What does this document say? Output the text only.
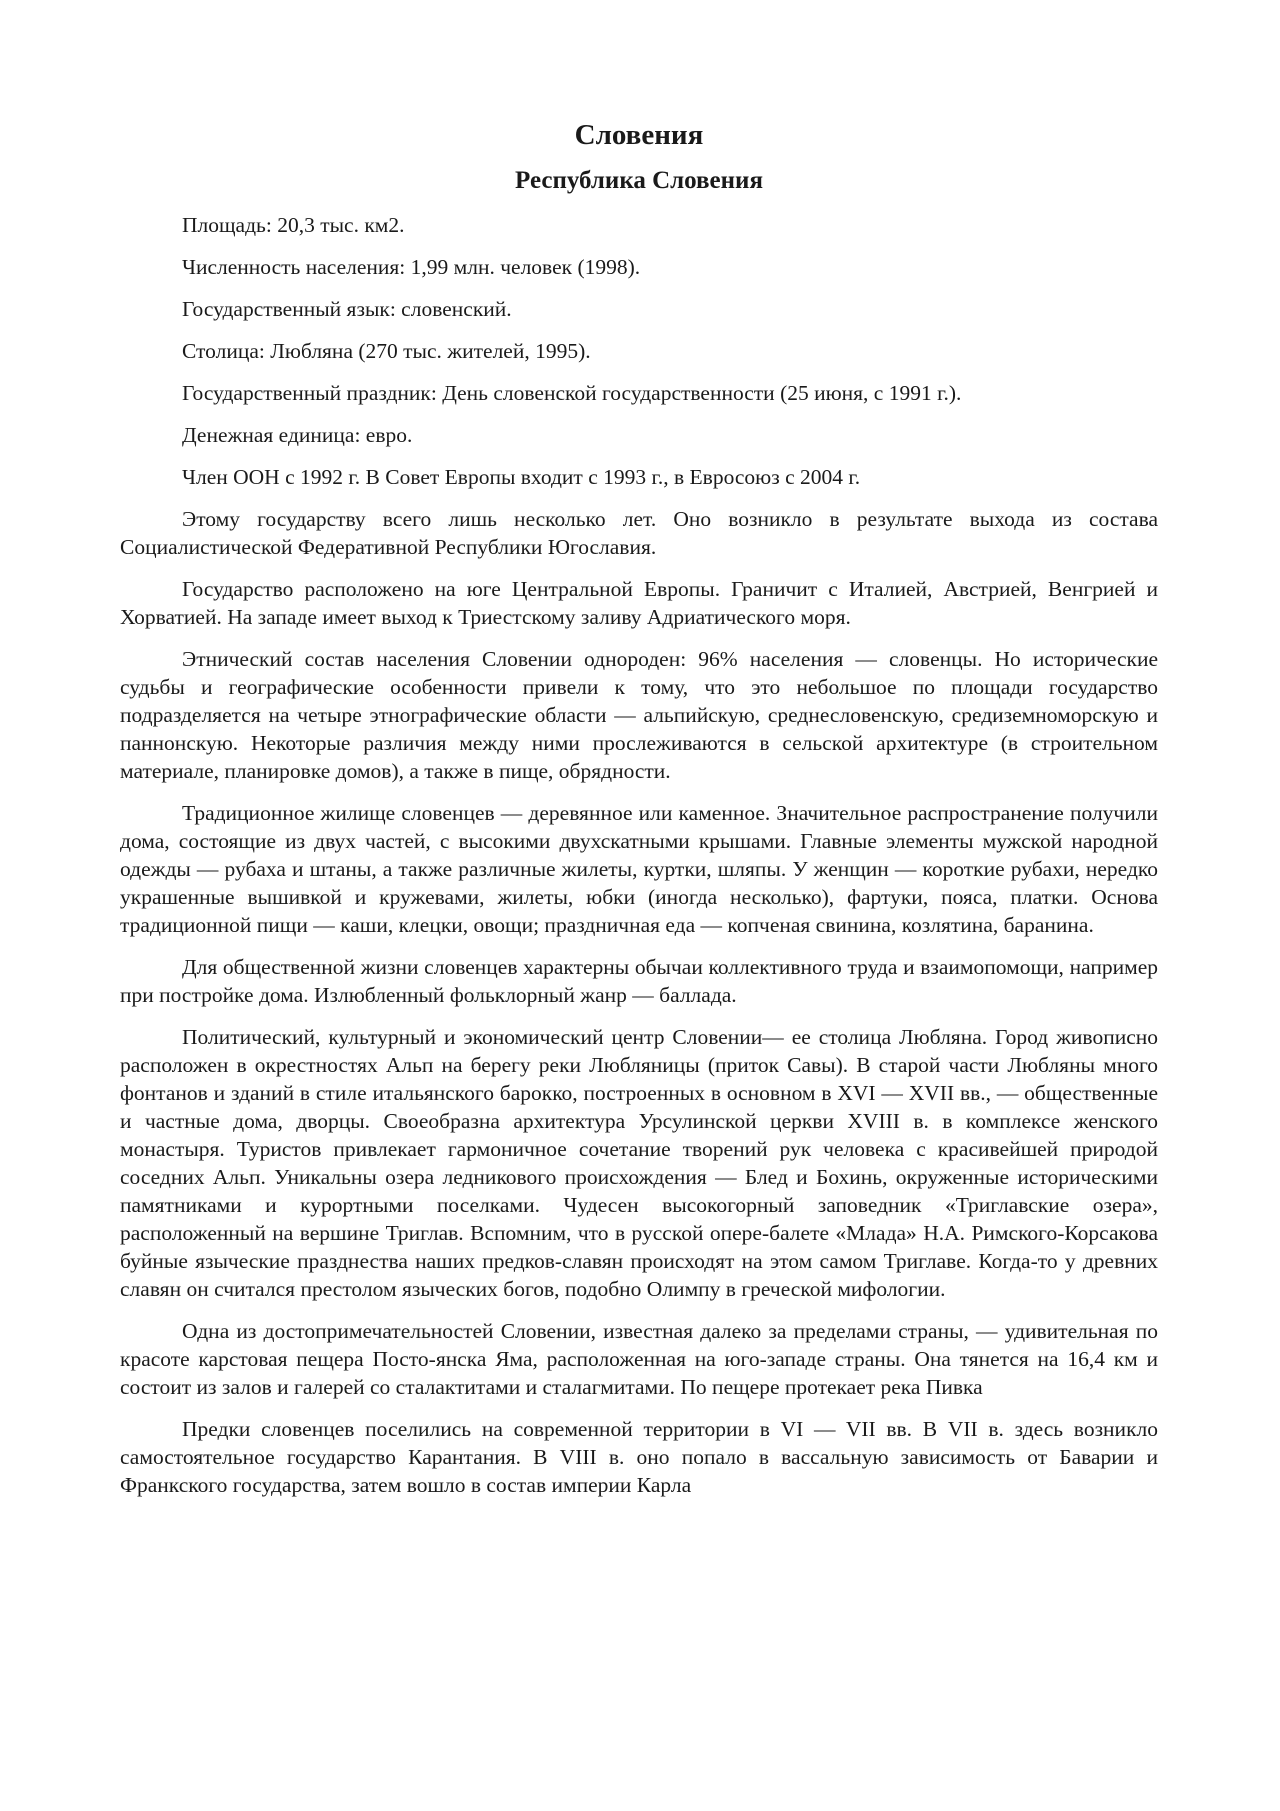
Словения
Республика Словения

Площадь: 20,3 тыс. км2.

Численность населения: 1,99 млн. человек (1998).

Государственный язык: словенский.

Столица: Любляна (270 тыс. жителей, 1995).

Государственный праздник: День словенской государственности (25 июня, с 1991 г.).

Денежная единица: евро.

Член ООН с 1992 г. В Совет Европы входит с 1993 г., в Евросоюз с 2004 г.

Этому государству всего лишь несколько лет. Оно возникло в результате выхода из состава Социалистической Федеративной Республики Югославия.

Государство расположено на юге Центральной Европы. Граничит с Италией, Австрией, Венгрией и Хорватией. На западе имеет выход к Триестскому заливу Адриатического моря.

Этнический состав населения Словении однороден: 96% населения — словенцы. Но исторические судьбы и географические особенности привели к тому, что это небольшое по площади государство подразделяется на четыре этнографические области — альпийскую, среднесловенскую, средиземноморскую и паннонскую. Некоторые различия между ними прослеживаются в сельской архитектуре (в строительном материале, планировке домов), а также в пище, обрядности.

Традиционное жилище словенцев — деревянное или каменное. Значительное распространение получили дома, состоящие из двух частей, с высокими двухскатными крышами. Главные элементы мужской народной одежды — рубаха и штаны, а также различные жилеты, куртки, шляпы. У женщин — короткие рубахи, нередко украшенные вышивкой и кружевами, жилеты, юбки (иногда несколько), фартуки, пояса, платки. Основа традиционной пищи — каши, клецки, овощи; праздничная еда — копченая свинина, козлятина, баранина.

Для общественной жизни словенцев характерны обычаи коллективного труда и взаимопомощи, например при постройке дома. Излюбленный фольклорный жанр — баллада.

Политический, культурный и экономический центр Словении— ее столица Любляна. Город живописно расположен в окрестностях Альп на берегу реки Любляницы (приток Савы). В старой части Любляны много фонтанов и зданий в стиле итальянского барокко, построенных в основном в XVI — XVII вв., — общественные и частные дома, дворцы. Своеобразна архитектура Урсулинской церкви XVIII в. в комплексе женского монастыря. Туристов привлекает гармоничное сочетание творений рук человека с красивейшей природой соседних Альп. Уникальны озера ледникового происхождения — Блед и Бохинь, окруженные историческими памятниками и курортными поселками. Чудесен высокогорный заповедник «Триглавские озера», расположенный на вершине Триглав. Вспомним, что в русской опере-балете «Млада» Н.А. Римского-Корсакова буйные языческие празднества наших предков-славян происходят на этом самом Триглаве. Когда-то у древних славян он считался престолом языческих богов, подобно Олимпу в греческой мифологии.

Одна из достопримечательностей Словении, известная далеко за пределами страны, — удивительная по красоте карстовая пещера Посто-янска Яма, расположенная на юго-западе страны. Она тянется на 16,4 км и состоит из залов и галерей со сталактитами и сталагмитами. По пещере протекает река Пивка

Предки словенцев поселились на современной территории в VI — VII вв. В VII в. здесь возникло самостоятельное государство Карантания. В VIII в. оно попало в вассальную зависимость от Баварии и Франкского государства, затем вошло в состав империи Карла
